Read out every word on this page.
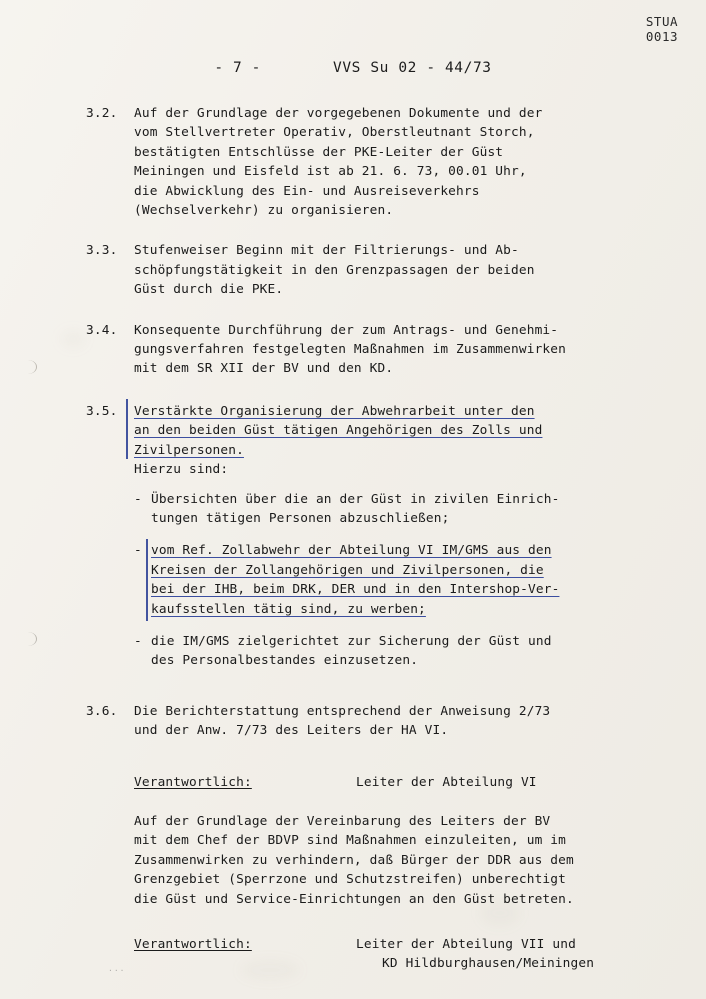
STUA
0013
- 7 -	VVS Su 02 - 44/73
3.2.	Auf der Grundlage der vorgegebenen Dokumente und der
vom Stellvertreter Operativ, Oberstleutnant Storch,
bestätigten Entschlüsse der PKE-Leiter der Güst
Meiningen und Eisfeld ist ab 21. 6. 73, 00.01 Uhr,
die Abwicklung des Ein- und Ausreiseverkehrs
(Wechselverkehr) zu organisieren.
3.3.	Stufenweiser Beginn mit der Filtrierungs- und Ab-
schöpfungstätigkeit in den Grenzpassagen der beiden
Güst durch die PKE.
3.4.	Konsequente Durchführung der zum Antrags- und Genehmi-
gungsverfahren festgelegten Maßnahmen im Zusammenwirken
mit dem SR XII der BV und den KD.
3.5.	Verstärkte Organisierung der Abwehrarbeit unter den
an den beiden Güst tätigen Angehörigen des Zolls und
Zivilpersonen.
Hierzu sind:
- Übersichten über die an der Güst in zivilen Einrich-
tungen tätigen Personen abzuschließen;
- vom Ref. Zollabwehr der Abteilung VI IM/GMS aus den
Kreisen der Zollangehörigen und Zivilpersonen, die
bei der IHB, beim DRK, DER und in den Intershop-Ver-
kaufsstellen tätig sind, zu werben;
- die IM/GMS zielgerichtet zur Sicherung der Güst und
des Personalbestandes einzusetzen.
3.6.	Die Berichterstattung entsprechend der Anweisung 2/73
und der Anw. 7/73 des Leiters der HA VI.
Verantwortlich:	Leiter der Abteilung VI
Auf der Grundlage der Vereinbarung des Leiters der BV
mit dem Chef der BDVP sind Maßnahmen einzuleiten, um im
Zusammenwirken zu verhindern, daß Bürger der DDR aus dem
Grenzgebiet (Sperrzone und Schutzstreifen) unberechtigt
die Güst und Service-Einrichtungen an den Güst betreten.
Verantwortlich:	Leiter der Abteilung VII und
KD Hildburghausen/Meiningen
···
